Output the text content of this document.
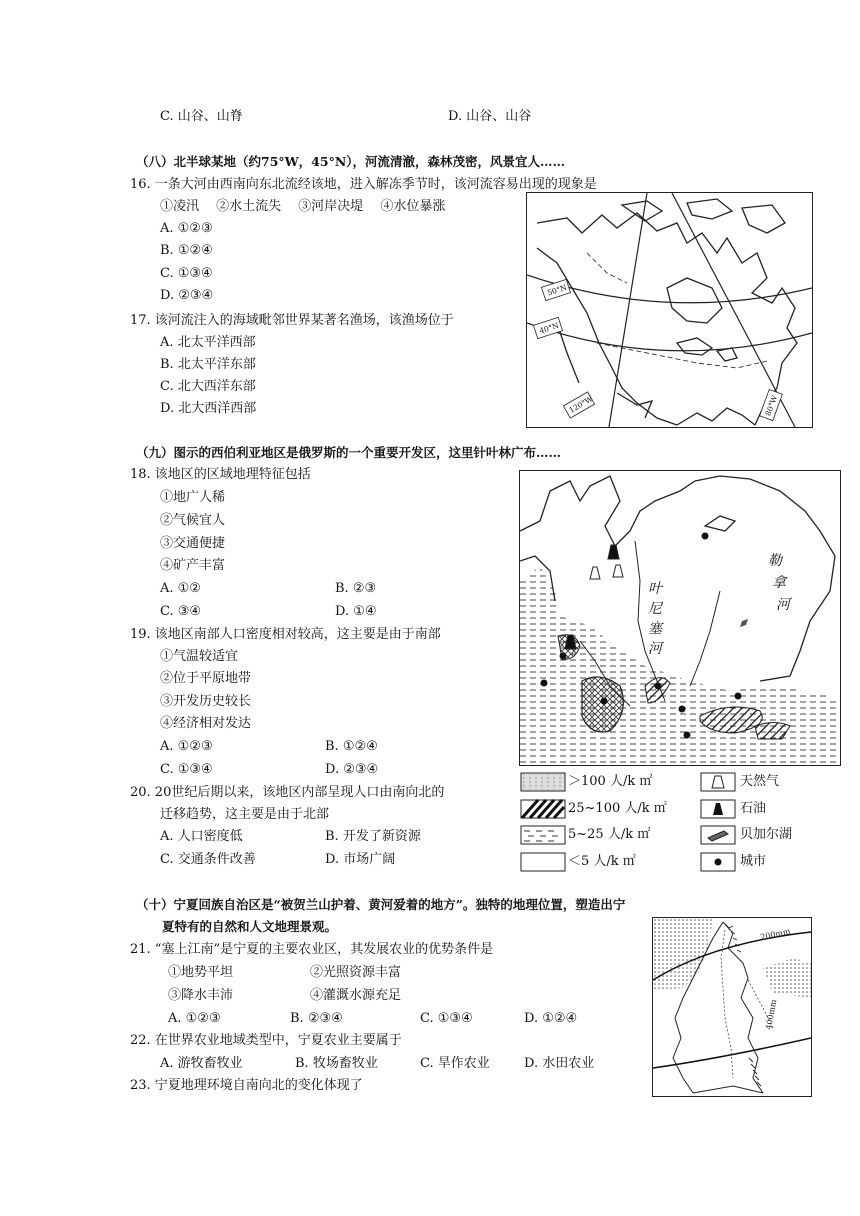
C. 山谷、山脊	D. 山谷、山谷
（八）北半球某地（约75°W，45°N），河流清澈，森林茂密，风景宜人……
16. 一条大河由西南向东北流经该地，进入解冻季节时，该河流容易出现的现象是
①凌汛　 ②水土流失　 ③河岸决堤　 ④水位暴涨
A. ①②③
B. ①②④
C. ①③④
D. ②③④
17. 该河流注入的海域毗邻世界某著名渔场，该渔场位于
A. 北太平洋西部
B. 北太平洋东部
C. 北大西洋东部
D. 北大西洋西部
50°N
40°N
120°W	80°W
（九）图示的西伯利亚地区是俄罗斯的一个重要开发区，这里针叶林广布……
18. 该地区的区域地理特征包括
①地广人稀
②气候宜人
③交通便捷
④矿产丰富
A. ①②	B. ②③
C. ③④	D. ①④
19. 该地区南部人口密度相对较高，这主要是由于南部
①气温较适宜
②位于平原地带
③开发历史较长
④经济相对发达
A. ①②③	B. ①②④
C. ①③④	D. ②③④
20. 20世纪后期以来，该地区内部呈现人口由南向北的
迁移趋势，这主要是由于北部
A. 人口密度低	B. 开发了新资源
C. 交通条件改善	D. 市场广阔
叶
尼
塞
河
勒
拿
河
＞100 人/k ㎡
25~100 人/k ㎡
5~25 人/k ㎡
＜5 人/k ㎡
天然气
石油
贝加尔湖
城市
（十）宁夏回族自治区是“被贺兰山护着、黄河爱着的地方”。独特的地理位置，塑造出宁
夏特有的自然和人文地理景观。
21. “塞上江南”是宁夏的主要农业区，其发展农业的优势条件是
①地势平坦	②光照资源丰富
③降水丰沛	④灌溉水源充足
A. ①②③	B. ②③④	C. ①③④	D. ①②④
22. 在世界农业地域类型中，宁夏农业主要属于
A. 游牧畜牧业	B. 牧场畜牧业	C. 旱作农业	D. 水田农业
23. 宁夏地理环境自南向北的变化体现了
200mm
400mm
